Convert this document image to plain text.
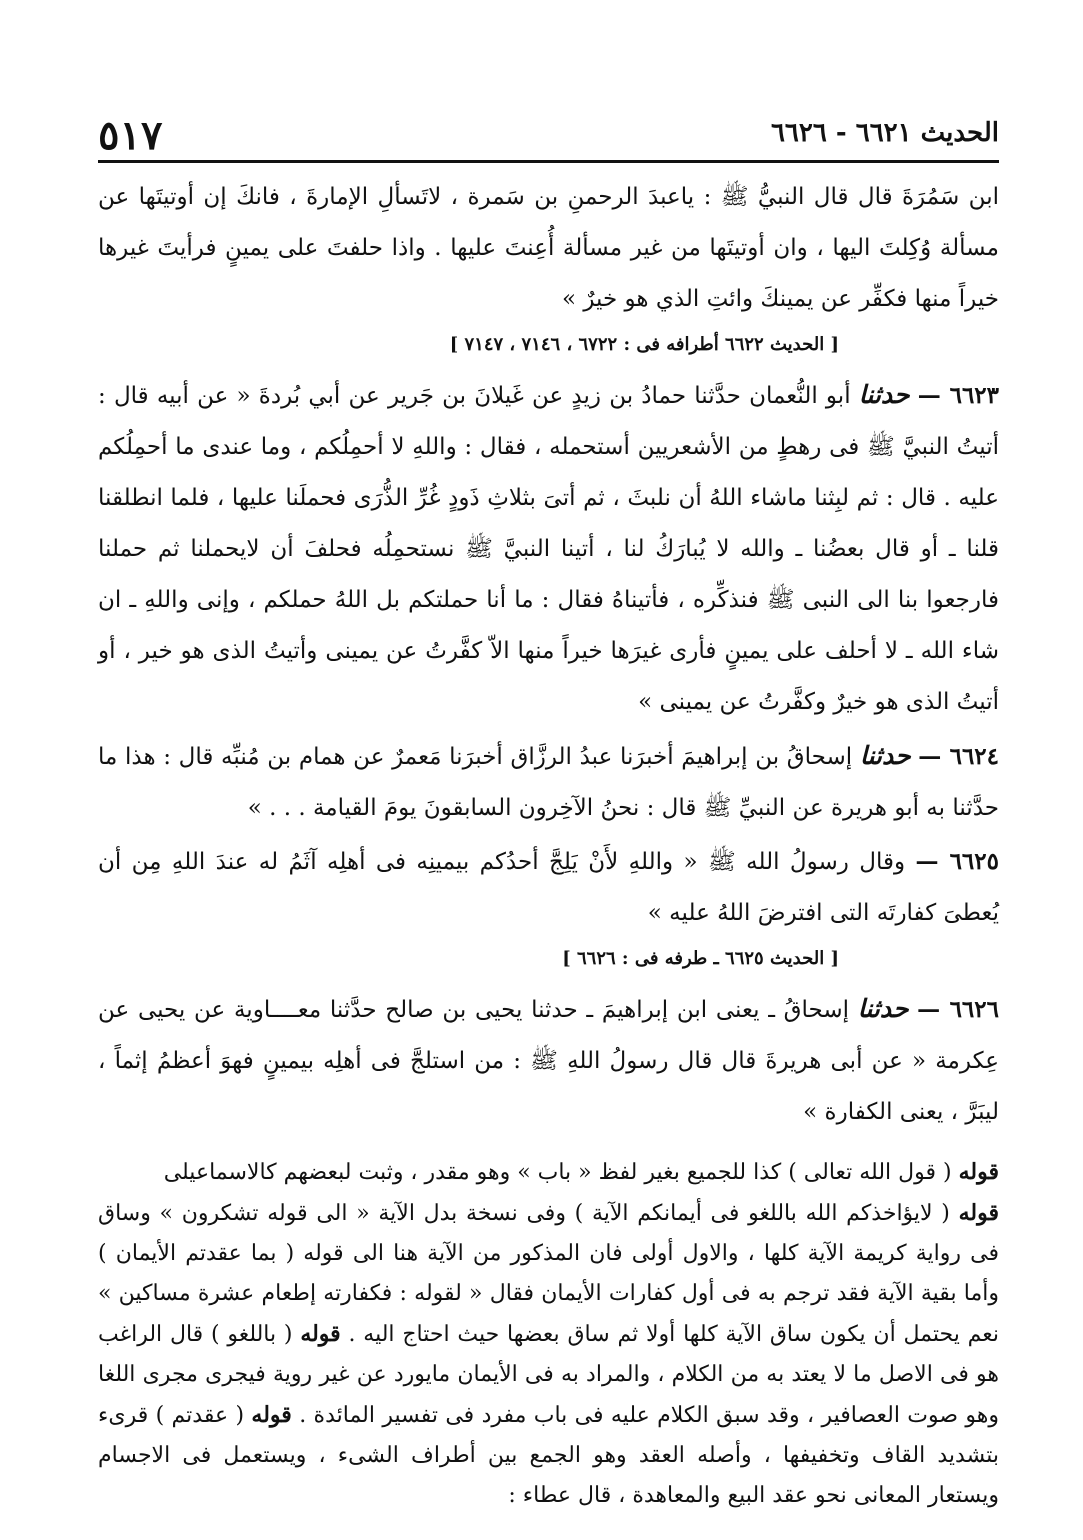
الحديث ٦٦٢١ - ٦٦٢٦
٥١٧

ابن سَمُرَةَ قال قال النبيُّ ﷺ : ياعبدَ الرحمنِ بن سَمرة ، لاتَسألِ الإمارةَ ، فانكَ إن أوتيتَها عن مسألة وُكِلتَ اليها ، وان أوتيتَها من غير مسألة أُعِنتَ عليها . واذا حلفتَ على يمينٍ فرأيتَ غيرها خيراً منها فكفِّر عن يمينكَ وائتِ الذي هو خيرٌ »

[ الحديث ٦٦٢٢ أطرافه فى : ٦٧٢٢ ، ٧١٤٦ ، ٧١٤٧ ]

٦٦٢٣ — حدثنا أبو النُّعمان حدَّثنا حمادُ بن زيدٍ عن غَيلانَ بن جَرير عن أبي بُردةَ « عن أبيه قال : أتيتُ النبيَّ ﷺ فى رهطٍ من الأشعريين أستحمله ، فقال : واللهِ لا أحمِلُكم ، وما عندى ما أحمِلُكم عليه . قال : ثم لبِثنا ماشاء اللهُ أن نلبثَ ، ثم أتىَ بثلاثِ ذَودٍ غُرِّ الذُّرَى فحملَنا عليها ، فلما انطلقنا قلنا ـ أو قال بعضُنا ـ والله لا يُبارَكُ لنا ، أتينا النبيَّ ﷺ نستحمِلُه فحلفَ أن لايحملنا ثم حملنا فارجعوا بنا الى النبى ﷺ فنذكِّره ، فأتيناهُ فقال : ما أنا حملتكم بل اللهُ حملكم ، وإنى واللهِ ـ ان شاء الله ـ لا أحلف على يمينٍ فأرى غيرَها خيراً منها الاّ كفَّرتُ عن يمينى وأتيتُ الذى هو خير ، أو أتيتُ الذى هو خيرٌ وكفَّرتُ عن يمينى »

٦٦٢٤ — حدثنا إسحاقُ بن إبراهيمَ أخبرَنا عبدُ الرزَّاق أخبرَنا مَعمرٌ عن همام بن مُنبِّه قال : هذا ما حدَّثنا به أبو هريرة عن النبيِّ ﷺ قال : نحنُ الآخِرون السابقونَ يومَ القيامة . . . »

٦٦٢٥ — وقال رسولُ الله ﷺ « واللهِ لأَنْ يَلِجَّ أحدُكم بيمينِه فى أهلِه آثَمُ له عندَ اللهِ مِن أن يُعطىَ كفارتَه التى افترضَ اللهُ عليه »

[ الحديث ٦٦٢٥ ـ طرفه فى : ٦٦٢٦ ]

٦٦٢٦ — حدثنا إسحاقُ ـ يعنى ابن إبراهيمَ ـ حدثنا يحيى بن صالح حدَّثنا معــــاوية عن يحيى عن عِكرمة « عن أبى هريرةَ قال قال رسولُ اللهِ ﷺ : من استلجَّ فى أهلِه بيمينٍ فهوَ أعظمُ إثماً ، ليبَرَّ ، يعنى الكفارة »

قوله ( قول الله تعالى ) كذا للجميع بغير لفظ « باب » وهو مقدر ، وثبت لبعضهم كالاسماعيلى

قوله ( لايؤاخذكم الله باللغو فى أيمانكم الآية ) وفى نسخة بدل الآية « الى قوله تشكرون » وساق فى رواية كريمة الآية كلها ، والاول أولى فان المذكور من الآية هنا الى قوله ( بما عقدتم الأيمان ) وأما بقية الآية فقد ترجم به فى أول كفارات الأيمان فقال « لقوله : فكفارته إطعام عشرة مساكين » نعم يحتمل أن يكون ساق الآية كلها أولا ثم ساق بعضها حيث احتاج اليه . قوله ( باللغو ) قال الراغب هو فى الاصل ما لا يعتد به من الكلام ، والمراد به فى الأيمان مايورد عن غير روية فيجرى مجرى اللغا وهو صوت العصافير ، وقد سبق الكلام عليه فى باب مفرد فى تفسير المائدة . قوله ( عقدتم ) قرىء بتشديد القاف وتخفيفها ، وأصله العقد وهو الجمع بين أطراف الشىء ، ويستعمل فى الاجسام ويستعار المعانى نحو عقد البيع والمعاهدة ، قال عطاء :
